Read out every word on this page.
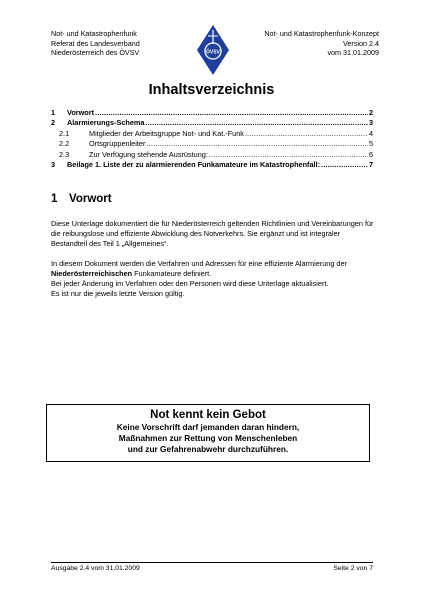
Not- und Katastrophenfunk
Referat des Landesverband
Niederösterreich des ÖVSV	ÖVSV
Not- und Katastrophenfunk-Konzept
Version 2.4
vom 31.01.2009
Inhaltsverzeichnis
1	Vorwort .....	2
2	Alarmierungs-Schema .....	3
2.1	Mitglieder der Arbeitsgruppe Not- und Kat.-Funk .....	4
2.2	Ortsgruppenleiter .....	5
2.3	Zur Verfügung stehende Ausrüstung: .....	6
3	Beilage 1. Liste der zu alarmierenden Funkamateure im Katastrophenfall: .....	7
1 Vorwort

Diese Unterlage dokumentiert die für Niederösterreich geltenden Richtlinien und Vereinbarungen für die reibungslose und effiziente Abwicklung des Notverkehrs. Sie ergänzt und ist integraler Bestandteil des Teil 1 „Allgemeines“.

In diesem Dokument werden die Verfahren und Adressen für eine effiziente Alarmierung der Niederösterreichischen Funkamateure definiert.

Bei jeder Änderung im Verfahren oder den Personen wird diese Unterlage aktualisiert.

Es ist nur die jeweils letzte Version gültig.

Not kennt kein Gebot
Keine Vorschrift darf jemanden daran hindern,
Maßnahmen zur Rettung von Menschenleben
und zur Gefahrenabwehr durchzuführen.
Ausgabe 2.4 vom 31.01.2009	Seite 2 von 7
